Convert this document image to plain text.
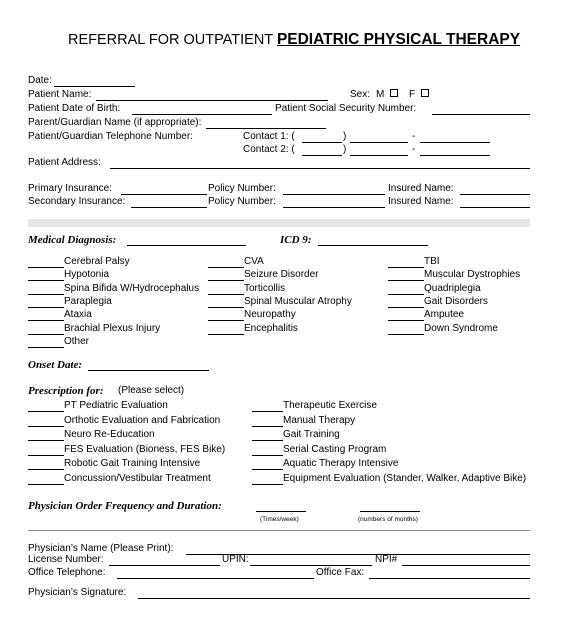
REFERRAL FOR OUTPATIENT PEDIATRIC PHYSICAL THERAPY
Date:
Patient Name:	Sex: M	F
Patient Date of Birth:	Patient Social Security Number:
Parent/Guardian Name (if appropriate):
Patient/Guardian Telephone Number:	Contact 1: (	)	-
Contact 2: (	)	-
Patient Address:
Primary Insurance:	Policy Number:	Insured Name:
Secondary Insurance:	Policy Number:	Insured Name:
Medical Diagnosis:	ICD 9:
Cerebral Palsy
Hypotonia
Spina Bifida W/Hydrocephalus
Paraplegia
Ataxia
Brachial Plexus Injury
Other
CVA
Seizure Disorder
Torticollis
Spinal Muscular Atrophy
Neuropathy
Encephalitis
TBI
Muscular Dystrophies
Quadriplegia
Gait Disorders
Amputee
Down Syndrome
Onset Date:
Prescription for: (Please select)
PT Pediatric Evaluation
Orthotic Evaluation and Fabrication
Neuro Re-Education
FES Evaluation (Bioness, FES Bike)
Robotic Gait Training Intensive
Concussion/Vestibular Treatment
Therapeutic Exercise
Manual Therapy
Gait Training
Serial Casting Program
Aquatic Therapy Intensive
Equipment Evaluation (Stander, Walker, Adaptive Bike)
Physician Order Frequency and Duration:
(Times/week)	(numbers of months)
Physician’s Name (Please Print):
License Number:	UPIN:	NPI#
Office Telephone:	Office Fax:
Physician’s Signature:
